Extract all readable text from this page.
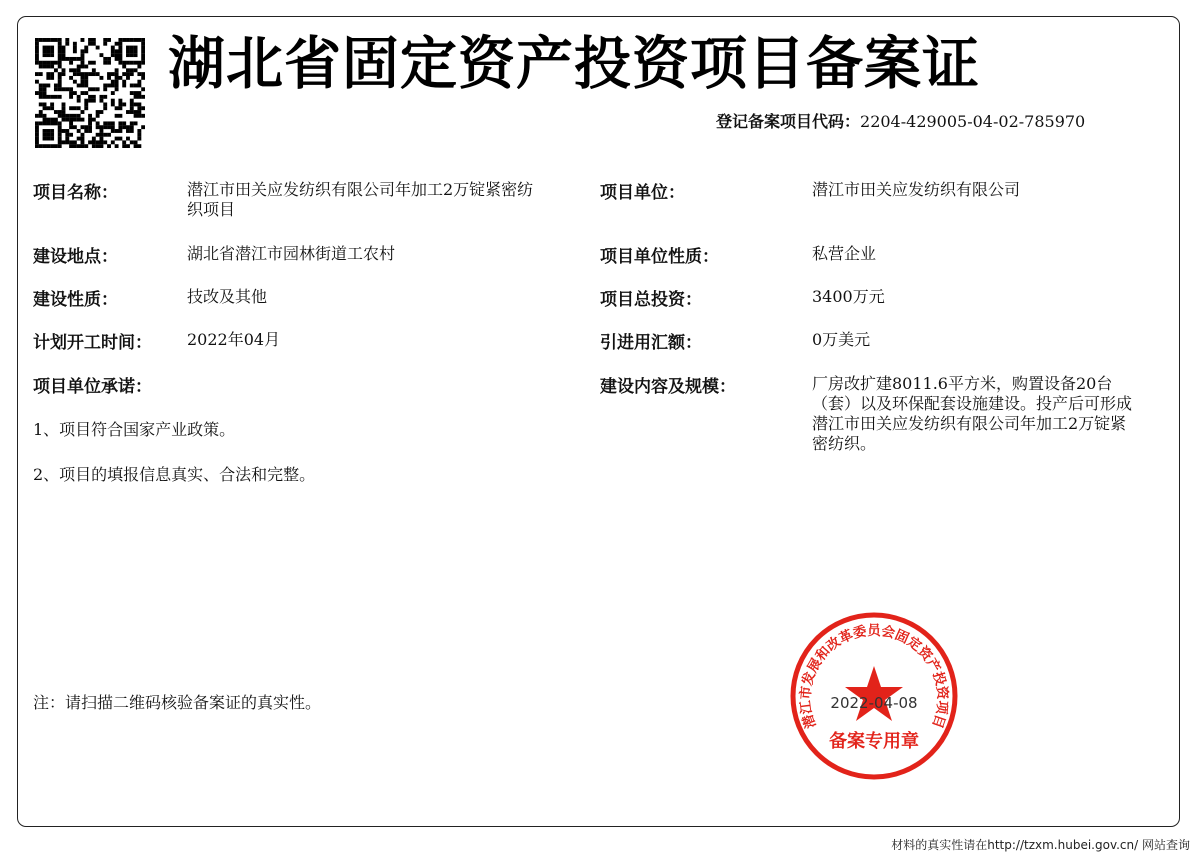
湖北省固定资产投资项目备案证
登记备案项目代码：2204-429005-04-02-785970
项目名称：	潜江市田关应发纺织有限公司年加工2万锭紧密纺织项目
建设地点：	湖北省潜江市园林街道工农村
建设性质：	技改及其他
计划开工时间： 2022年04月
项目单位承诺：
1、项目符合国家产业政策。
2、项目的填报信息真实、合法和完整。
项目单位：	潜江市田关应发纺织有限公司
项目单位性质：	私营企业
项目总投资：	3400万元
引进用汇额：	0万美元
建设内容及规模：	厂房改扩建8011.6平方米，购置设备20台（套）以及环保配套设施建设。投产后可形成潜江市田关应发纺织有限公司年加工2万锭紧密纺织。
注：请扫描二维码核验备案证的真实性。
潜江市发展和改革委员会固定资产投资项目
2022-04-08
备案专用章
材料的真实性请在http://tzxm.hubei.gov.cn/ 网站查询
